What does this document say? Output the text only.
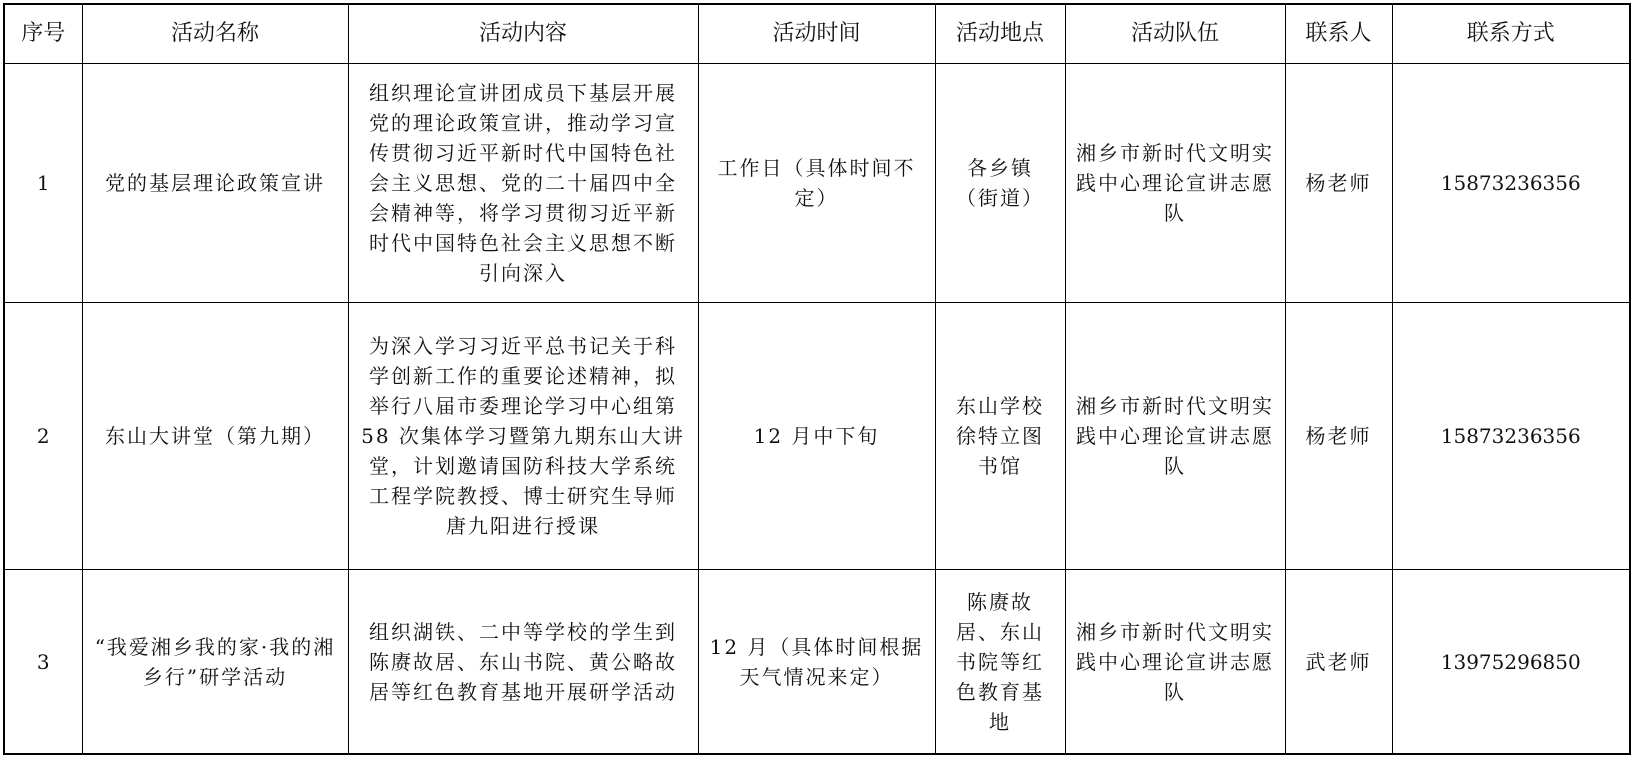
序号	活动名称	活动内容	活动时间	活动地点	活动队伍	联系人	联系方式
1	党的基层理论政策宣讲	组织理论宣讲团成员下基层开展党的理论政策宣讲，推动学习宣传贯彻习近平新时代中国特色社会主义思想、党的二十届四中全会精神等，将学习贯彻习近平新时代中国特色社会主义思想不断引向深入	工作日（具体时间不定）	各乡镇（街道）	湘乡市新时代文明实践中心理论宣讲志愿队	杨老师	15873236356
2	东山大讲堂（第九期）	为深入学习习近平总书记关于科学创新工作的重要论述精神，拟举行八届市委理论学习中心组第 58 次集体学习暨第九期东山大讲堂，计划邀请国防科技大学系统工程学院教授、博士研究生导师唐九阳进行授课	12 月中下旬	东山学校徐特立图书馆	湘乡市新时代文明实践中心理论宣讲志愿队	杨老师	15873236356
3	“我爱湘乡我的家·我的湘乡行”研学活动	组织湖铁、二中等学校的学生到陈赓故居、东山书院、黄公略故居等红色教育基地开展研学活动	12 月（具体时间根据天气情况来定）	陈赓故居、东山书院等红色教育基地	湘乡市新时代文明实践中心理论宣讲志愿队	武老师	13975296850
